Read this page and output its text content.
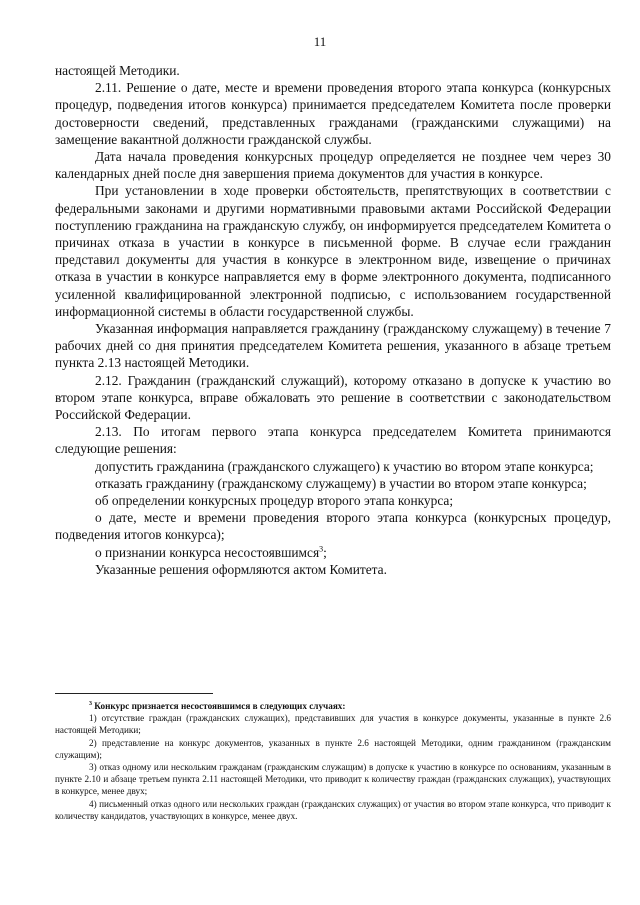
11

настоящей Методики.

2.11. Решение о дате, месте и времени проведения второго этапа конкурса (конкурсных процедур, подведения итогов конкурса) принимается председателем Комитета после проверки достоверности сведений, представленных гражданами (гражданскими служащими) на замещение вакантной должности гражданской службы.

Дата начала проведения конкурсных процедур определяется не позднее чем через 30 календарных дней после дня завершения приема документов для участия в конкурсе.

При установлении в ходе проверки обстоятельств, препятствующих в соответствии с федеральными законами и другими нормативными правовыми актами Российской Федерации поступлению гражданина на гражданскую службу, он информируется председателем Комитета о причинах отказа в участии в конкурсе в письменной форме. В случае если гражданин представил документы для участия в конкурсе в электронном виде, извещение о причинах отказа в участии в конкурсе направляется ему в форме электронного документа, подписанного усиленной квалифицированной электронной подписью, с использованием государственной информационной системы в области государственной службы.

Указанная информация направляется гражданину (гражданскому служащему) в течение 7 рабочих дней со дня принятия председателем Комитета решения, указанного в абзаце третьем пункта 2.13 настоящей Методики.

2.12. Гражданин (гражданский служащий), которому отказано в допуске к участию во втором этапе конкурса, вправе обжаловать это решение в соответствии с законодательством Российской Федерации.

2.13. По итогам первого этапа конкурса председателем Комитета принимаются следующие решения:

допустить гражданина (гражданского служащего) к участию во втором этапе конкурса;

отказать гражданину (гражданскому служащему) в участии во втором этапе конкурса;

об определении конкурсных процедур второго этапа конкурса;

о дате, месте и времени проведения второго этапа конкурса (конкурсных процедур, подведения итогов конкурса);

о признании конкурса несостоявшимся$^3$;

Указанные решения оформляются актом Комитета.

$^3$ Конкурс признается несостоявшимся в следующих случаях:

1) отсутствие граждан (гражданских служащих), представивших для участия в конкурсе документы, указанные в пункте 2.6 настоящей Методики;

2) представление на конкурс документов, указанных в пункте 2.6 настоящей Методики, одним гражданином (гражданским служащим);

3) отказ одному или нескольким гражданам (гражданским служащим) в допуске к участию в конкурсе по основаниям, указанным в пункте 2.10 и абзаце третьем пункта 2.11 настоящей Методики, что приводит к количеству граждан (гражданских служащих), участвующих в конкурсе, менее двух;

4) письменный отказ одного или нескольких граждан (гражданских служащих) от участия во втором этапе конкурса, что приводит к количеству кандидатов, участвующих в конкурсе, менее двух.
